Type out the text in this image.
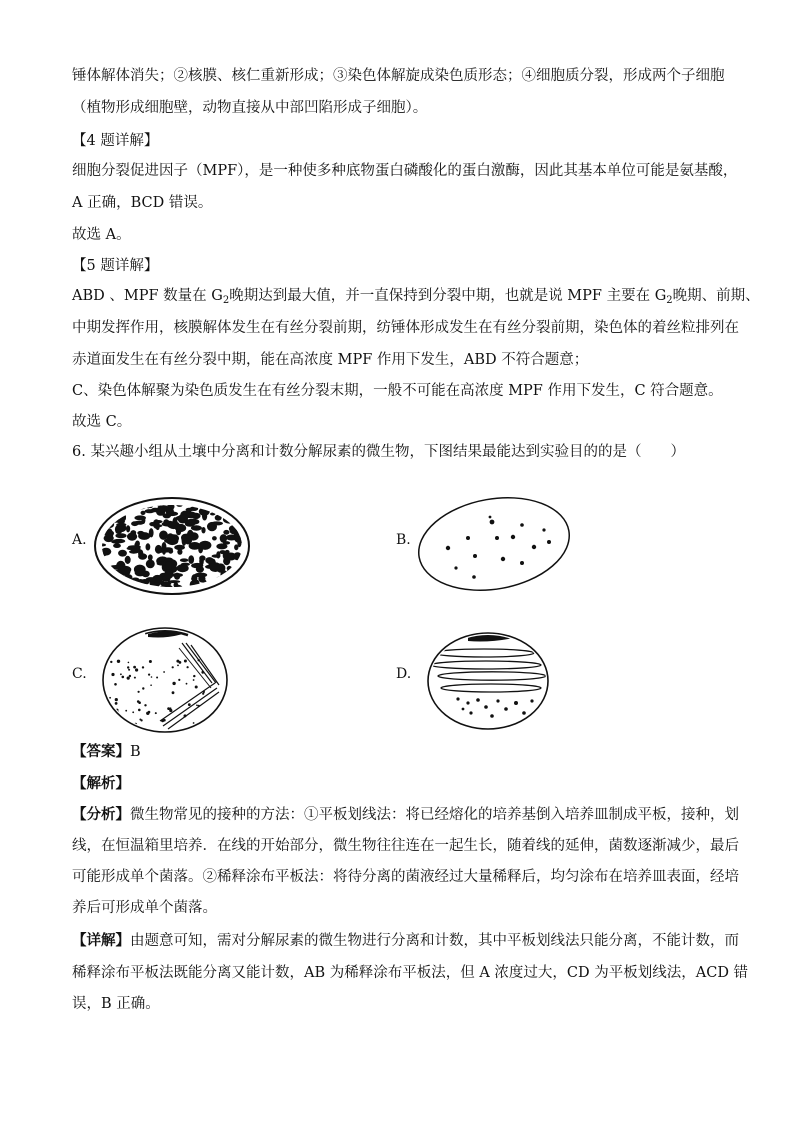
锤体解体消失；②核膜、核仁重新形成；③染色体解旋成染色质形态；④细胞质分裂，形成两个子细胞
（植物形成细胞壁，动物直接从中部凹陷形成子细胞）。
【4 题详解】
细胞分裂促进因子（MPF），是一种使多种底物蛋白磷酸化的蛋白激酶，因此其基本单位可能是氨基酸，
A 正确，BCD 错误。
故选 A。
【5 题详解】
ABD 、MPF 数量在 $G_2$晚期达到最大值，并一直保持到分裂中期，也就是说 MPF 主要在 $G_2$晚期、前期、
中期发挥作用，核膜解体发生在有丝分裂前期，纺锤体形成发生在有丝分裂前期，染色体的着丝粒排列在
赤道面发生在有丝分裂中期，能在高浓度 MPF 作用下发生，ABD 不符合题意；
C、染色体解聚为染色质发生在有丝分裂末期，一般不可能在高浓度 MPF 作用下发生，C 符合题意。
故选 C。
6. 某兴趣小组从土壤中分离和计数分解尿素的微生物，下图结果最能达到实验目的的是（　　）
A.	B.
C.	D.
【答案】B
【解析】
【分析】微生物常见的接种的方法：①平板划线法：将已经熔化的培养基倒入培养皿制成平板，接种，划
线，在恒温箱里培养．在线的开始部分，微生物往往连在一起生长，随着线的延伸，菌数逐渐减少，最后
可能形成单个菌落。②稀释涂布平板法：将待分离的菌液经过大量稀释后，均匀涂布在培养皿表面，经培
养后可形成单个菌落。
【详解】由题意可知，需对分解尿素的微生物进行分离和计数，其中平板划线法只能分离，不能计数，而
稀释涂布平板法既能分离又能计数，AB 为稀释涂布平板法，但 A 浓度过大，CD 为平板划线法，ACD 错
误，B 正确。
